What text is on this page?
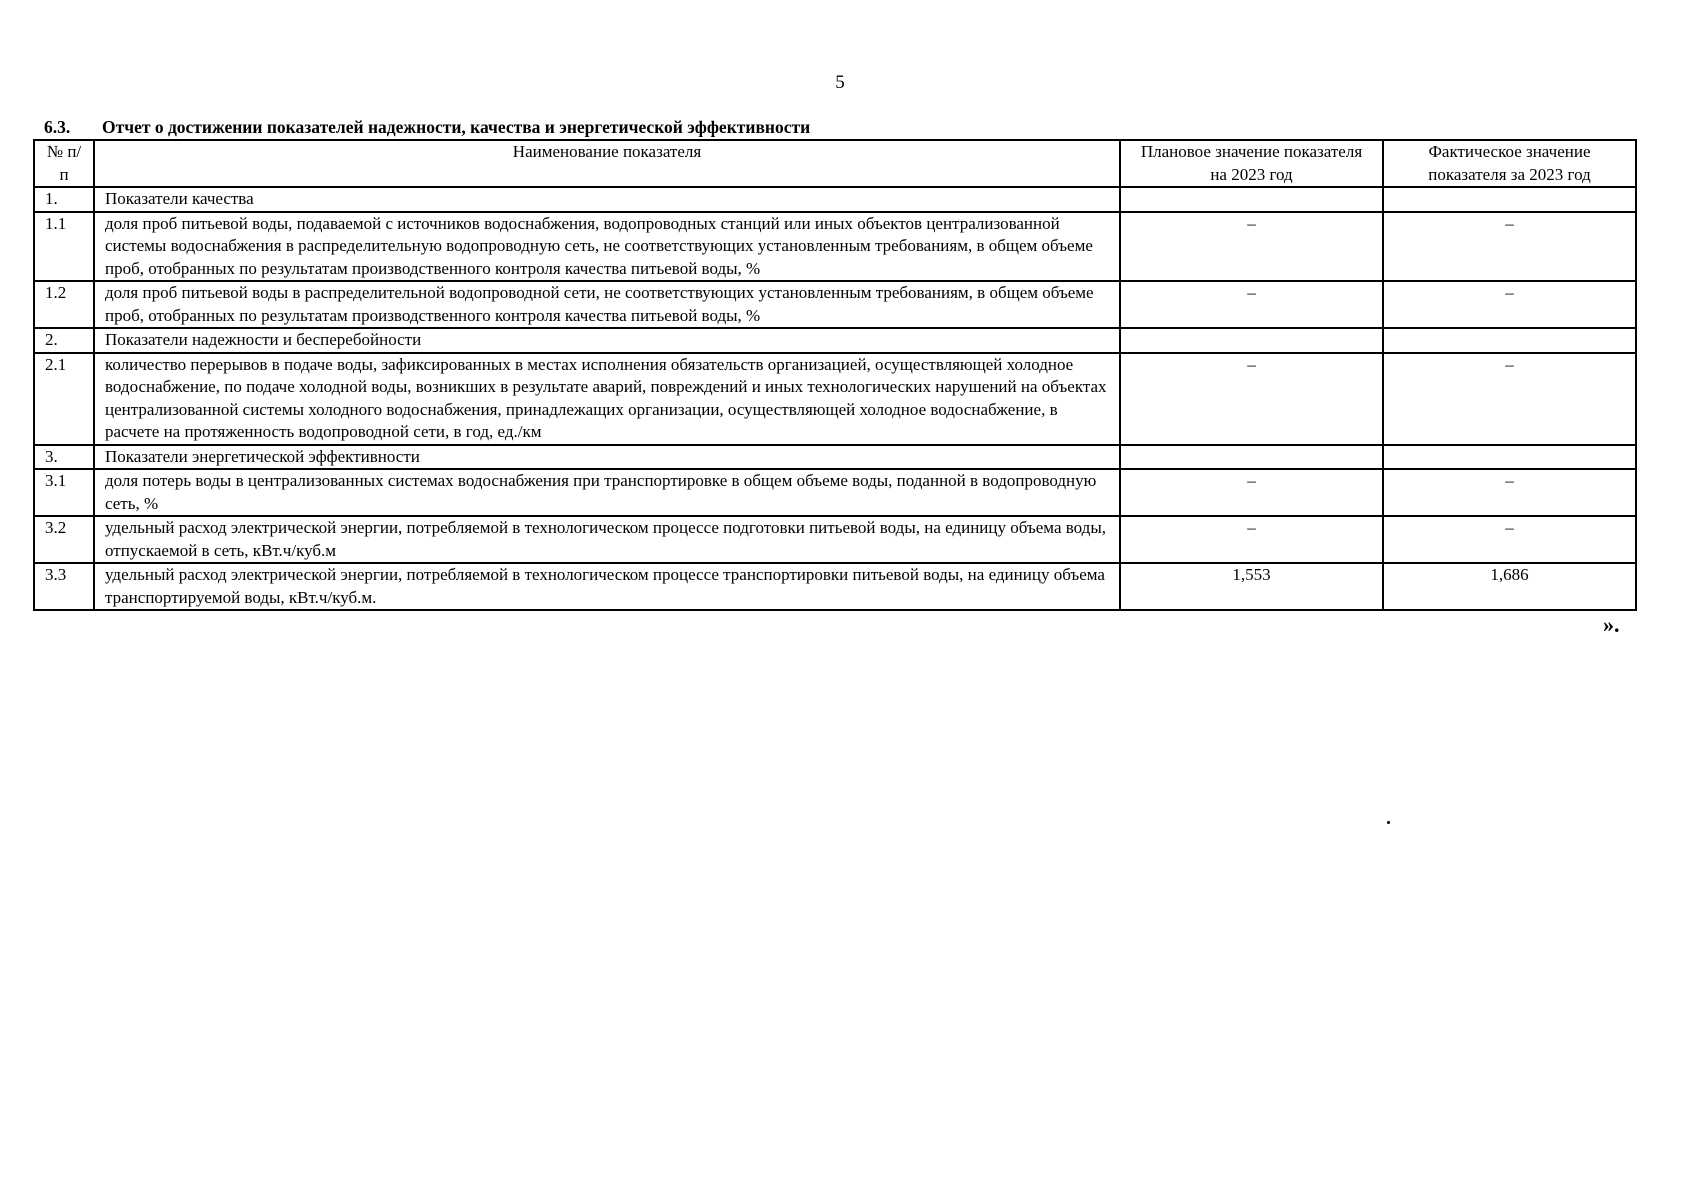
5
6.3. Отчет о достижении показателей надежности, качества и энергетической эффективности
№ п/п	Наименование показателя	Плановое значение показателя на 2023 год	Фактическое значение показателя за 2023 год
1.	Показатели качества		
1.1	доля проб питьевой воды, подаваемой с источников водоснабжения, водопроводных станций или иных объектов централизованной системы водоснабжения в распределительную водопроводную сеть, не соответствующих установленным требованиям, в общем объеме проб, отобранных по результатам производственного контроля качества питьевой воды, %	–	–
1.2	доля проб питьевой воды в распределительной водопроводной сети, не соответствующих установленным требованиям, в общем объеме проб, отобранных по результатам производственного контроля качества питьевой воды, %	–	–
2.	Показатели надежности и бесперебойности		
2.1	количество перерывов в подаче воды, зафиксированных в местах исполнения обязательств организацией, осуществляющей холодное водоснабжение, по подаче холодной воды, возникших в результате аварий, повреждений и иных технологических нарушений на объектах централизованной системы холодного водоснабжения, принадлежащих организации, осуществляющей холодное водоснабжение, в расчете на протяженность водопроводной сети, в год, ед./км	–	–
3.	Показатели энергетической эффективности		
3.1	доля потерь воды в централизованных системах водоснабжения при транспортировке в общем объеме воды, поданной в водопроводную сеть, %	–	–
3.2	удельный расход электрической энергии, потребляемой в технологическом процессе подготовки питьевой воды, на единицу объема воды, отпускаемой в сеть, кВт.ч/куб.м	–	–
3.3	удельный расход электрической энергии, потребляемой в технологическом процессе транспортировки питьевой воды, на единицу объема транспортируемой воды, кВт.ч/куб.м.	1,553	1,686
».
